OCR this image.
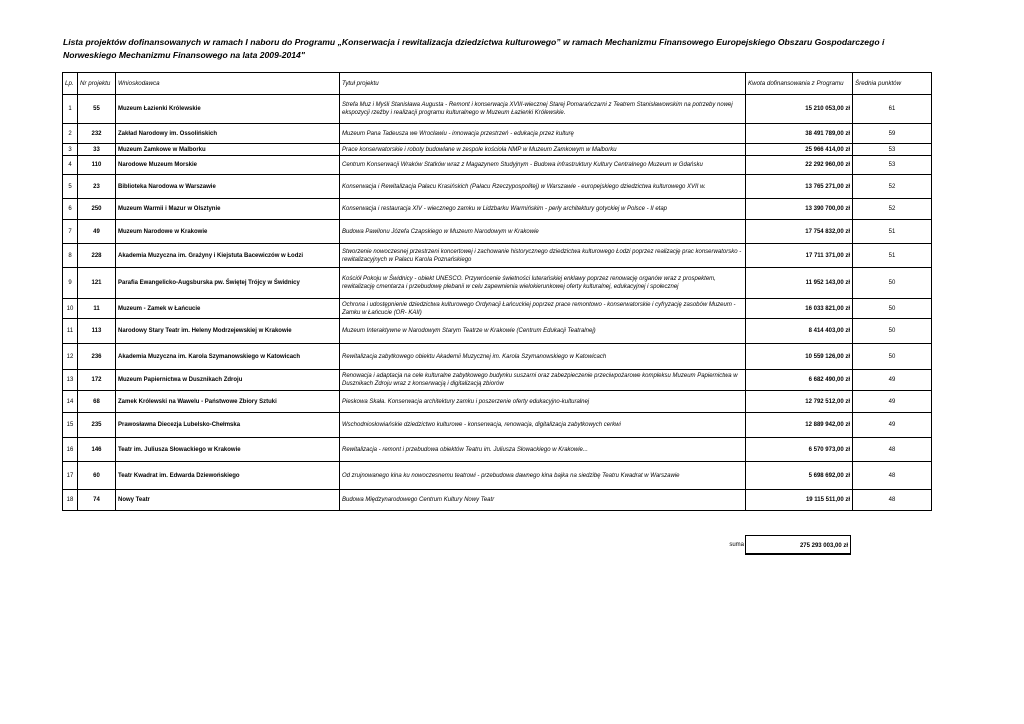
Lista projektów dofinansowanych w ramach I naboru do Programu „Konserwacja i rewitalizacja dziedzictwa kulturowego” w ramach Mechanizmu Finansowego Europejskiego Obszaru Gospodarczego i Norweskiego Mechanizmu Finansowego na lata 2009-2014"
Lp.	Nr projektu	Wnioskodawca	Tytuł projektu	Kwota dofinansowania z Programu	Średnia punktów
1	55	Muzeum Łazienki Królewskie	Strefa Muz i Myśli Stanisława Augusta - Remont i konserwacja XVIII-wiecznej Starej Pomarańczarni z Teatrem Stanisławowskim na potrzeby nowej ekspozycji rzeźby i realizacji programu kulturalnego w Muzeum Łazienki Królewskie.	15 210 053,00 zł	61
2	232	Zakład Narodowy im. Ossolińskich	Muzeum Pana Tadeusza we Wrocławiu - innowacja przestrzeń - edukacja przez kulturę	38 491 789,00 zł	59
3	33	Muzeum Zamkowe w Malborku	Prace konserwatorskie i roboty budowlane w zespole kościoła NMP w Muzeum Zamkowym w Malborku	25 966 414,00 zł	53
4	110	Narodowe Muzeum Morskie	Centrum Konserwacji Wraków Statków wraz z Magazynem Studyjnym - Budowa infrastruktury Kultury Centralnego Muzeum w Gdańsku	22 292 960,00 zł	53
5	23	Biblioteka Narodowa w Warszawie	Konserwacja i Rewitalizacja Pałacu Krasińskich (Pałacu Rzeczypospolitej) w Warszawie - europejskiego dziedzictwa kulturowego XVII w.	13 765 271,00 zł	52
6	250	Muzeum Warmii i Mazur w Olsztynie	Konserwacja i restauracja XIV - wiecznego zamku w Lidzbarku Warmińskim - perły architektury gotyckiej w Polsce - II etap	13 390 700,00 zł	52
7	49	Muzeum Narodowe w Krakowie	Budowa Pawilonu Józefa Czapskiego w Muzeum Narodowym w Krakowie	17 754 832,00 zł	51
8	228	Akademia Muzyczna im. Grażyny i Kiejstuta Bacewiczów w Łodzi	Stworzenie nowoczesnej przestrzeni koncertowej i zachowanie historycznego dziedzictwa kulturowego Łodzi poprzez realizację prac konserwatorsko - rewitalizacyjnych w Pałacu Karola Poznańskiego	17 711 371,00 zł	51
9	121	Parafia Ewangelicko-Augsburska pw. Świętej Trójcy w Świdnicy	Kościół Pokoju w Świdnicy - obiekt UNESCO. Przywrócenie świetności luterańskiej enklawy poprzez renowację organów wraz z prospektem, rewitalizację cmentarza i przebudowę plebanii w celu zapewnienia wielokierunkowej oferty kulturalnej, edukacyjnej i społecznej	11 952 143,00 zł	50
10	11	Muzeum - Zamek w Łańcucie	Ochrona i udostępnienie dziedzictwa kulturowego Ordynacji Łańcuckiej poprzez prace remontowo - konserwatorskie i cyfryzację zasobów Muzeum - Zamku w Łańcucie (OR- KAII)	16 033 821,00 zł	50
11	113	Narodowy Stary Teatr im. Heleny Modrzejewskiej w Krakowie	Muzeum Interaktywne w Narodowym Starym Teatrze w Krakowie (Centrum Edukacji Teatralnej)	8 414 403,00 zł	50
12	236	Akademia Muzyczna im. Karola Szymanowskiego w Katowicach	Rewitalizacja zabytkowego obiektu Akademii Muzycznej im. Karola Szymanowskiego w Katowicach	10 559 126,00 zł	50
13	172	Muzeum Papiernictwa w Dusznikach Zdroju	Renowacja i adaptacja na cele kulturalne zabytkowego budynku suszarni oraz zabezpieczenie przeciwpożarowe kompleksu Muzeum Papiernictwa w Dusznikach Zdroju wraz z konserwacją i digitalizacją zbiorów	6 682 490,00 zł	49
14	68	Zamek Królewski na Wawelu - Państwowe Zbiory Sztuki	Pieskowa Skała. Konserwacja architektury zamku i poszerzenie oferty edukacyjno-kulturalnej	12 792 512,00 zł	49
15	235	Prawosławna Diecezja Lubelsko-Chełmska	Wschodniosłowiańskie dziedzictwo kulturowe - konserwacja, renowacja, digitalizacja zabytkowych cerkwi	12 889 942,00 zł	49
16	146	Teatr im. Juliusza Słowackiego w Krakowie	Rewitalizacja - remont i przebudowa obiektów Teatru im. Juliusza Słowackiego w Krakowie...	6 570 973,00 zł	48
17	60	Teatr Kwadrat im. Edwarda Dziewońskiego	Od zrujnowanego kina ku nowoczesnemu teatrowi - przebudowa dawnego kina bajka na siedzibę Teatru Kwadrat w Warszawie	5 698 692,00 zł	48
18	74	Nowy Teatr	Budowa Międzynarodowego Centrum Kultury Nowy Teatr	19 115 511,00 zł	48
suma	275 293 003,00 zł
